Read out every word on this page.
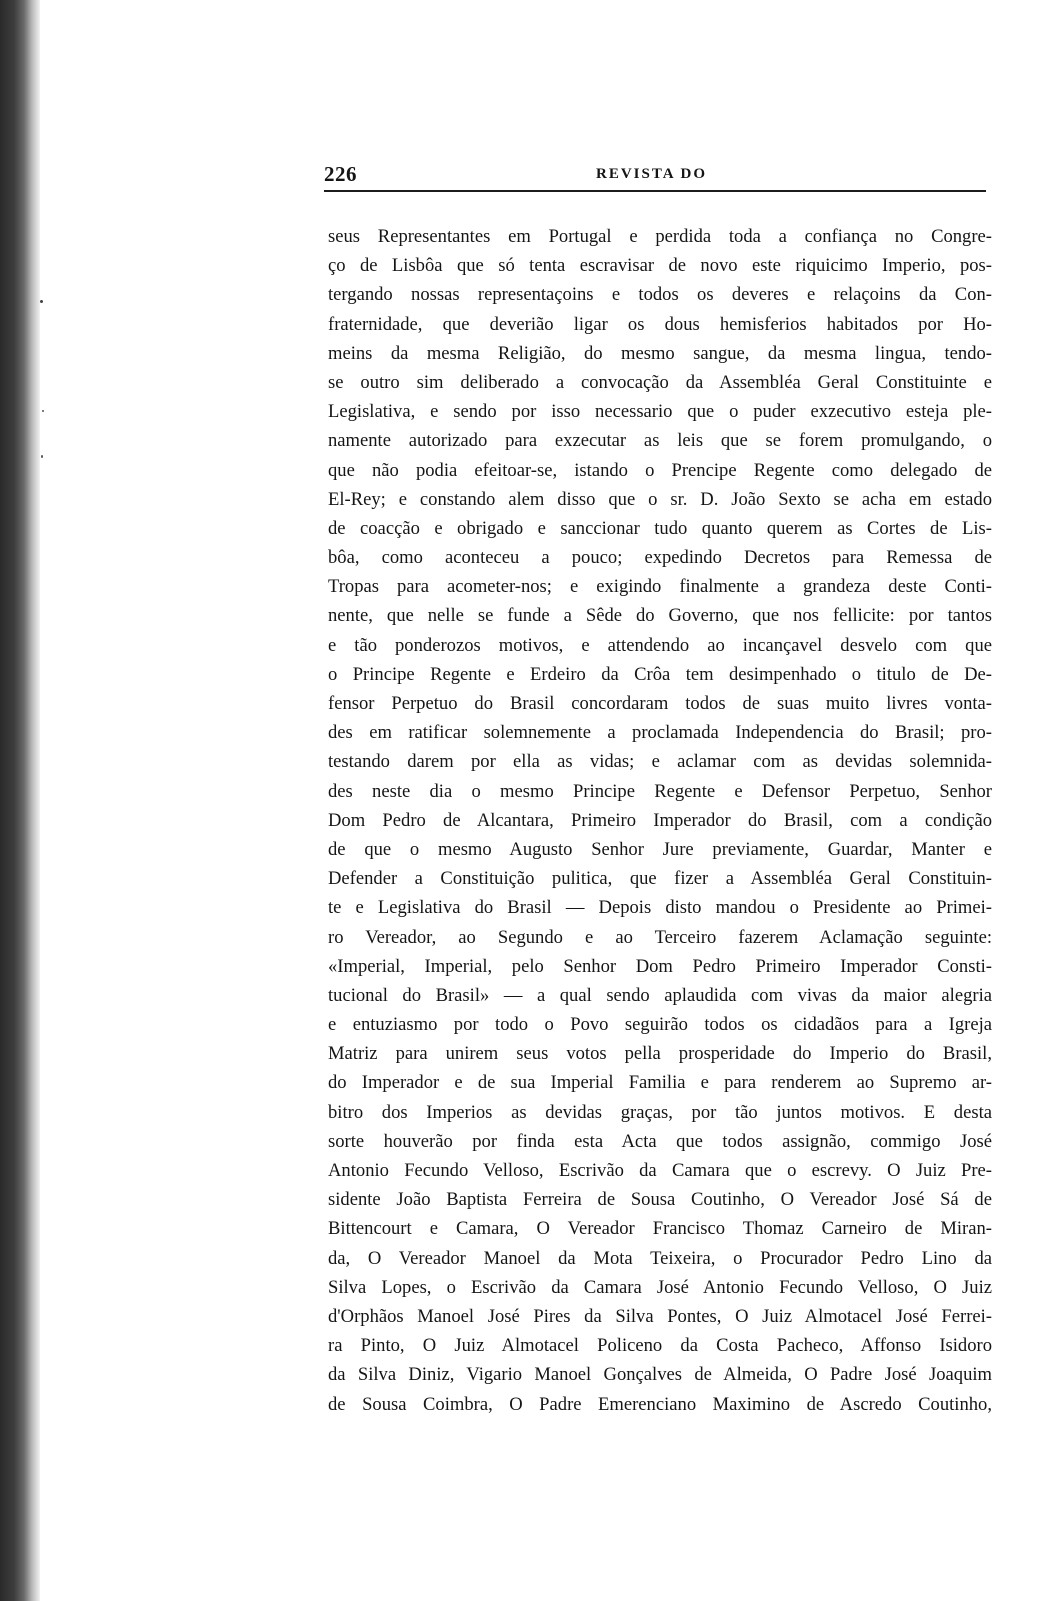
226	REVISTA DO
seus Representantes em Portugal e perdida toda a confiança no Congre-
ço de Lisbôa que só tenta escravisar de novo este riquicimo Imperio, pos-
tergando nossas representaçoins e todos os deveres e relaçoins da Con-
fraternidade, que deverião ligar os dous hemisferios habitados por Ho-
meins da mesma Religião, do mesmo sangue, da mesma lingua, tendo-
se outro sim deliberado a convocação da Assembléa Geral Constituinte e
Legislativa, e sendo por isso necessario que o puder exzecutivo esteja ple-
namente autorizado para exzecutar as leis que se forem promulgando, o
que não podia efeitoar-se, istando o Prencipe Regente como delegado de
El-Rey; e constando alem disso que o sr. D. João Sexto se acha em estado
de coacção e obrigado e sanccionar tudo quanto querem as Cortes de Lis-
bôa, como aconteceu a pouco; expedindo Decretos para Remessa de
Tropas para acometer-nos; e exigindo finalmente a grandeza deste Conti-
nente, que nelle se funde a Sêde do Governo, que nos fellicite: por tantos
e tão ponderozos motivos, e attendendo ao incançavel desvelo com que
o Principe Regente e Erdeiro da Crôa tem desimpenhado o titulo de De-
fensor Perpetuo do Brasil concordaram todos de suas muito livres vonta-
des em ratificar solemnemente a proclamada Independencia do Brasil; pro-
testando darem por ella as vidas; e aclamar com as devidas solemnida-
des neste dia o mesmo Principe Regente e Defensor Perpetuo, Senhor
Dom Pedro de Alcantara, Primeiro Imperador do Brasil, com a condição
de que o mesmo Augusto Senhor Jure previamente, Guardar, Manter e
Defender a Constituição pulitica, que fizer a Assembléa Geral Constituin-
te e Legislativa do Brasil — Depois disto mandou o Presidente ao Primei-
ro Vereador, ao Segundo e ao Terceiro fazerem Aclamação seguinte:
«Imperial, Imperial, pelo Senhor Dom Pedro Primeiro Imperador Consti-
tucional do Brasil» — a qual sendo aplaudida com vivas da maior alegria
e entuziasmo por todo o Povo seguirão todos os cidadãos para a Igreja
Matriz para unirem seus votos pella prosperidade do Imperio do Brasil,
do Imperador e de sua Imperial Familia e para renderem ao Supremo ar-
bitro dos Imperios as devidas graças, por tão juntos motivos. E desta
sorte houverão por finda esta Acta que todos assignão, commigo José
Antonio Fecundo Velloso, Escrivão da Camara que o escrevy. O Juiz Pre-
sidente João Baptista Ferreira de Sousa Coutinho, O Vereador José Sá de
Bittencourt e Camara, O Vereador Francisco Thomaz Carneiro de Miran-
da, O Vereador Manoel da Mota Teixeira, o Procurador Pedro Lino da
Silva Lopes, o Escrivão da Camara José Antonio Fecundo Velloso, O Juiz
d'Orphãos Manoel José Pires da Silva Pontes, O Juiz Almotacel José Ferrei-
ra Pinto, O Juiz Almotacel Policeno da Costa Pacheco, Affonso Isidoro
da Silva Diniz, Vigario Manoel Gonçalves de Almeida, O Padre José Joaquim
de Sousa Coimbra, O Padre Emerenciano Maximino de Ascredo Coutinho,
